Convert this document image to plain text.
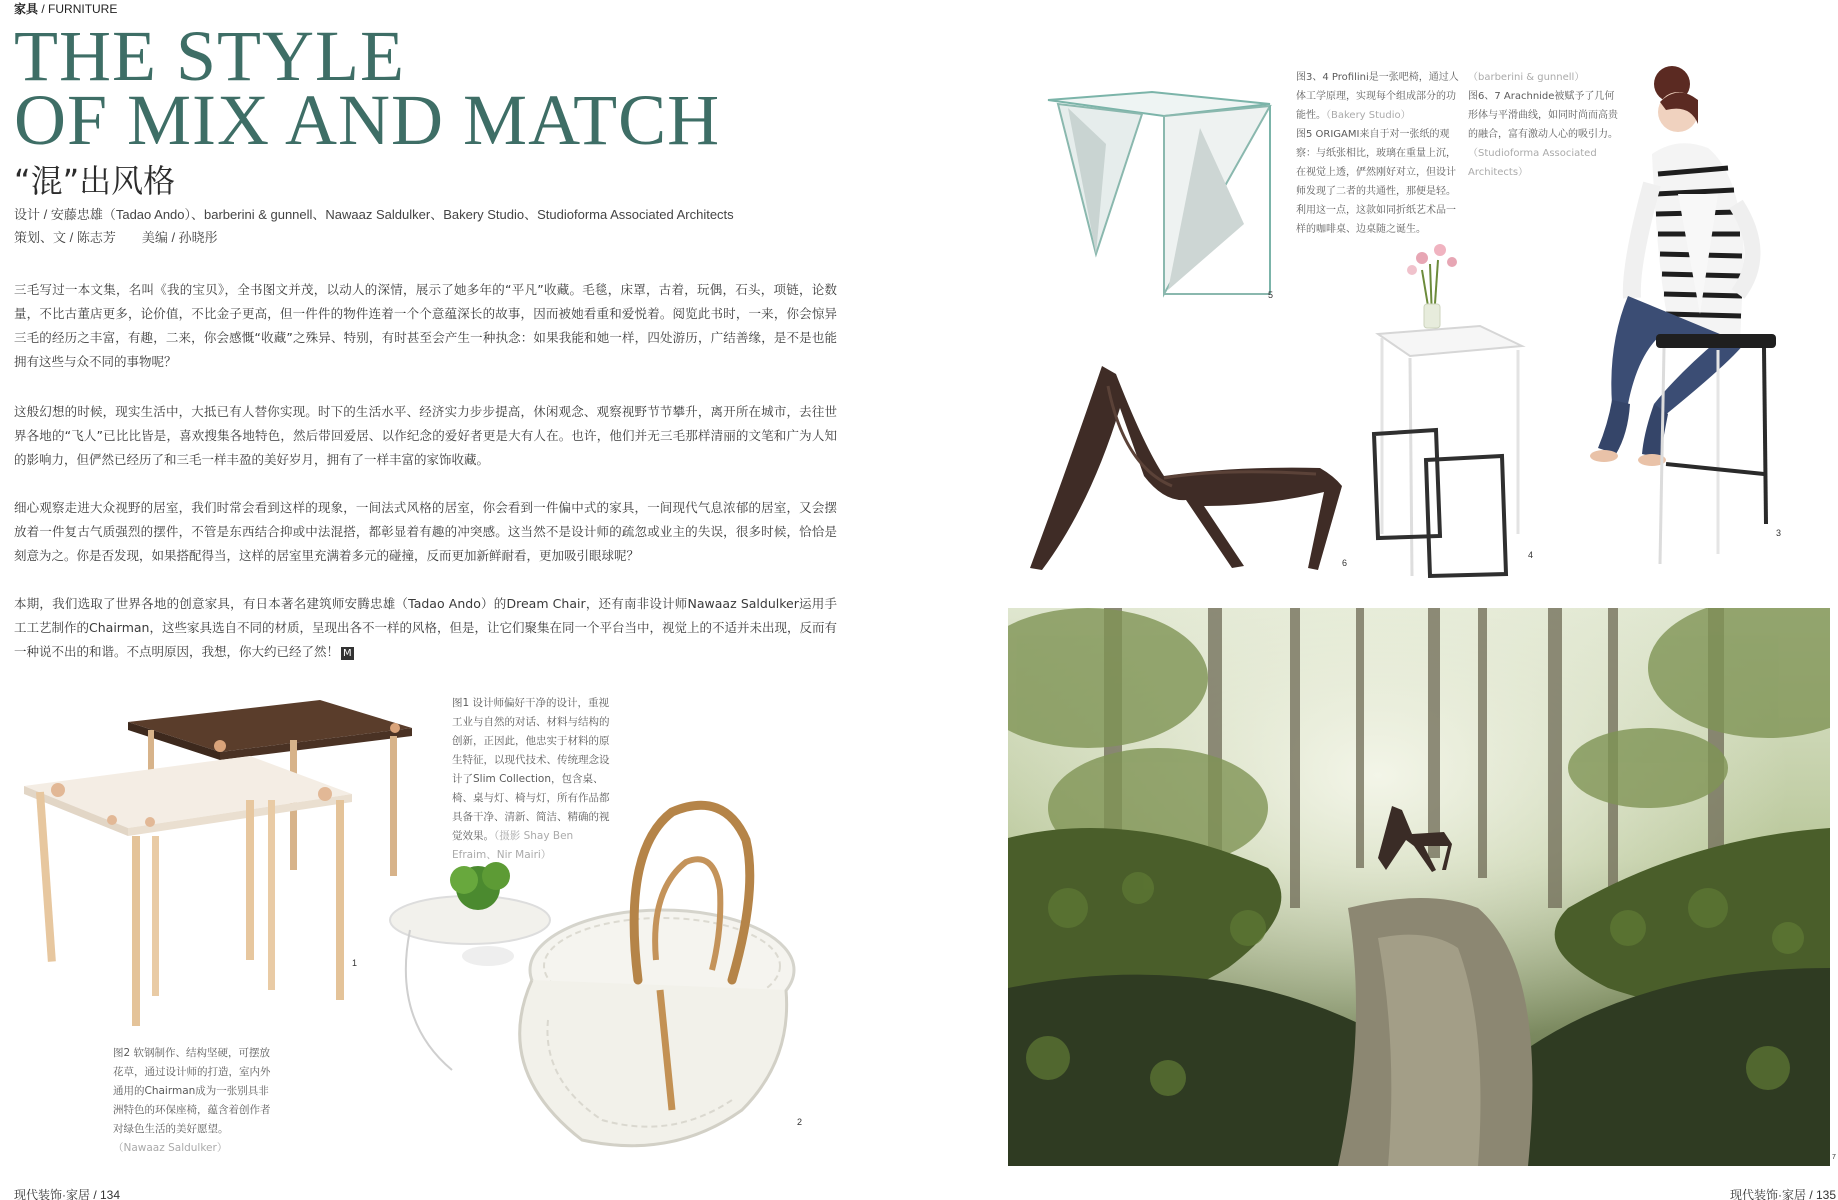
家具 / FURNITURE
THE STYLE
OF MIX AND MATCH
“混”出风格
设计 / 安藤忠雄（Tadao Ando）、barberini & gunnell、Nawaaz Saldulker、Bakery Studio、Studioforma Associated Architects
策划、文 / 陈志芳 美编 / 孙晓彤

三毛写过一本文集，名叫《我的宝贝》，全书图文并茂，以动人的深情，展示了她多年的“平凡”收藏。毛毯，床罩，古着，玩偶，石头，项链，论数量，不比古董店更多，论价值，不比金子更高，但一件件的物件连着一个个意蕴深长的故事，因而被她看重和爱悦着。阅览此书时，一来，你会惊异三毛的经历之丰富，有趣，二来，你会感慨“收藏”之殊异、特别，有时甚至会产生一种执念：如果我能和她一样，四处游历，广结善缘，是不是也能拥有这些与众不同的事物呢？

这般幻想的时候，现实生活中，大抵已有人替你实现。时下的生活水平、经济实力步步提高，休闲观念、观察视野节节攀升，离开所在城市，去往世界各地的“飞人”已比比皆是，喜欢搜集各地特色，然后带回爱居、以作纪念的爱好者更是大有人在。也许，他们并无三毛那样清丽的文笔和广为人知的影响力，但俨然已经历了和三毛一样丰盈的美好岁月，拥有了一样丰富的家饰收藏。

细心观察走进大众视野的居室，我们时常会看到这样的现象，一间法式风格的居室，你会看到一件偏中式的家具，一间现代气息浓郁的居室，又会摆放着一件复古气质强烈的摆件，不管是东西结合抑或中法混搭，都彰显着有趣的冲突感。这当然不是设计师的疏忽或业主的失误，很多时候，恰恰是刻意为之。你是否发现，如果搭配得当，这样的居室里充满着多元的碰撞，反而更加新鲜耐看，更加吸引眼球呢？

本期，我们选取了世界各地的创意家具，有日本著名建筑师安腾忠雄（Tadao Ando）的Dream Chair，还有南非设计师Nawaaz Saldulker运用手工工艺制作的Chairman，这些家具选自不同的材质，呈现出各不一样的风格，但是，让它们聚集在同一个平台当中，视觉上的不适并未出现，反而有一种说不出的和谐。不点明原因，我想，你大约已经了然！ M

1
图1 设计师偏好干净的设计，重视工业与自然的对话、材料与结构的创新，正因此，他忠实于材料的原生特征，以现代技术、传统理念设计了Slim Collection，包含桌、椅、桌与灯、椅与灯，所有作品都具备干净、清新、简洁、精确的视觉效果。（摄影 Shay Ben Efraim、Nir Mairi）
2
图2 软钢制作、结构坚硬，可摆放花草，通过设计师的打造，室内外通用的Chairman成为一张别具非洲特色的环保座椅，蕴含着创作者对绿色生活的美好愿望。
（Nawaaz Saldulker）
现代装饰·家居 / 134
5
图3、4 Profilini是一张吧椅，通过人体工学原理，实现每个组成部分的功能性。（Bakery Studio）
图5 ORIGAMI来自于对一张纸的观察：与纸张相比，玻璃在重量上沉，在视觉上透，俨然刚好对立，但设计师发现了二者的共通性，那便是轻。利用这一点，这款如同折纸艺术品一样的咖啡桌、边桌随之诞生。
（barberini & gunnell）
图6、7 Arachnide被赋予了几何形体与平滑曲线，如同时尚而高贵的融合，富有激动人心的吸引力。（Studioforma Associated Architects）
3
4
6
7
现代装饰·家居 / 135
